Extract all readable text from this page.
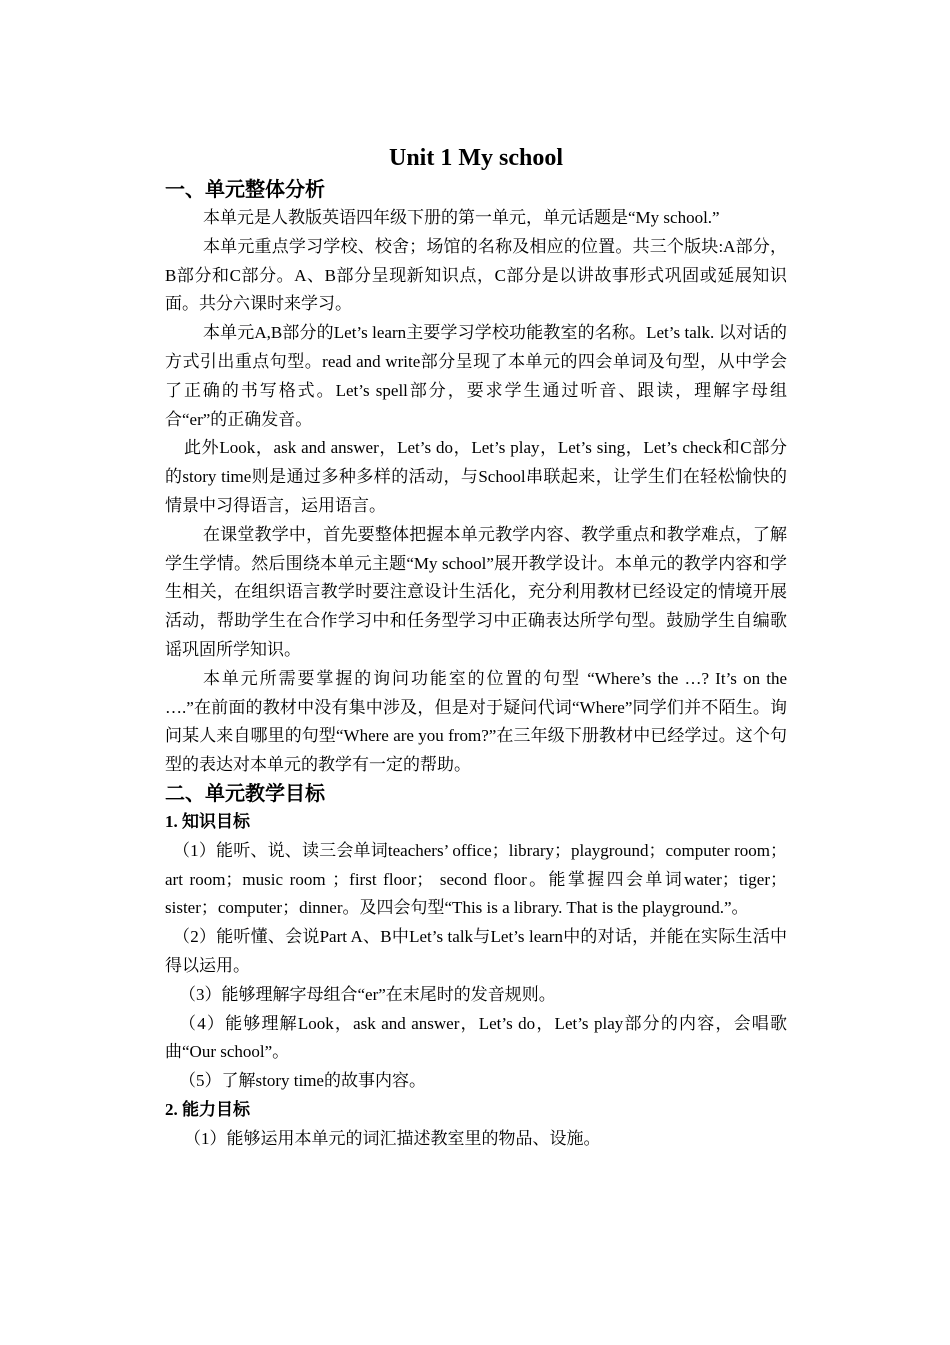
Unit 1 My school
一、单元整体分析

本单元是人教版英语四年级下册的第一单元，单元话题是“My school.”

本单元重点学习学校、校舍；场馆的名称及相应的位置。共三个版块:A部分，B部分和C部分。A、B部分呈现新知识点，C部分是以讲故事形式巩固或延展知识面。共分六课时来学习。

本单元A,B部分的Let’s learn主要学习学校功能教室的名称。Let’s talk. 以对话的方式引出重点句型。read and write部分呈现了本单元的四会单词及句型，从中学会了正确的书写格式。Let’s spell部分，要求学生通过听音、跟读，理解字母组合“er”的正确发音。

此外Look，ask and answer，Let’s do，Let’s play，Let’s sing，Let’s check和C部分的story time则是通过多种多样的活动，与School串联起来，让学生们在轻松愉快的情景中习得语言，运用语言。

在课堂教学中，首先要整体把握本单元教学内容、教学重点和教学难点，了解学生学情。然后围绕本单元主题“My school”展开教学设计。本单元的教学内容和学生相关，在组织语言教学时要注意设计生活化，充分利用教材已经设定的情境开展活动，帮助学生在合作学习中和任务型学习中正确表达所学句型。鼓励学生自编歌谣巩固所学知识。

本单元所需要掌握的询问功能室的位置的句型 “Where’s the …? It’s on the ….”在前面的教材中没有集中涉及，但是对于疑问代词“Where”同学们并不陌生。询问某人来自哪里的句型“Where are you from?”在三年级下册教材中已经学过。这个句型的表达对本单元的教学有一定的帮助。

二、单元教学目标
1. 知识目标

（1）能听、说、读三会单词teachers’ office；library；playground；computer room；art room；music room ；first floor； second floor。能掌握四会单词water；tiger；sister；computer；dinner。及四会句型“This is a library. That is the playground.”。

（2）能听懂、会说Part A、B中Let’s talk与Let’s learn中的对话，并能在实际生活中得以运用。

（3）能够理解字母组合“er”在末尾时的发音规则。

（4）能够理解Look，ask and answer，Let’s do，Let’s play部分的内容，会唱歌曲“Our school”。

（5）了解story time的故事内容。

2. 能力目标

（1）能够运用本单元的词汇描述教室里的物品、设施。
